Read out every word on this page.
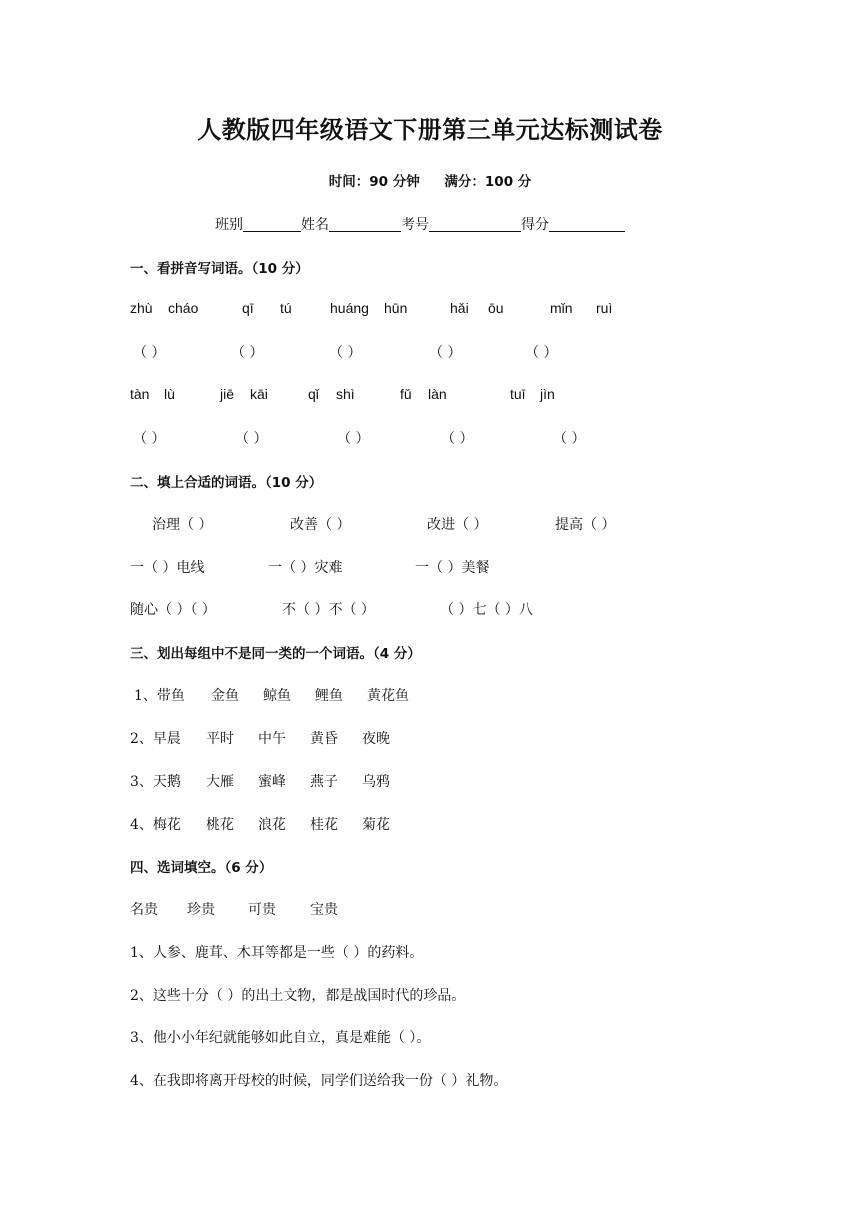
人教版四年级语文下册第三单元达标测试卷
时间：90 分钟 满分：100 分
班别	姓名	考号	得分
一、看拼音写词语。（10 分）
zhù cháo	qī tú	huáng hūn	hǎi ōu	mǐn ruì
（ ）	（ ）	（ ）	（ ）	（ ）
tàn lù	jiē kāi	qǐ shì	fǔ làn	tuī jìn
（ ）	（ ）	（ ）	（ ）	（ ）
二、填上合适的词语。（10 分）
治理（ ）	改善（ ）	改进（ ）	提高（ ）
一（ ）电线	一（ ）灾难	一（ ）美餐
随心（ ）（ ）	不（ ）不（ ）	（ ）七（ ）八
三、划出每组中不是同一类的一个词语。（4 分）
1、带鱼 金鱼 鲸鱼 鲤鱼 黄花鱼
2、早晨 平时 中午 黄昏 夜晚
3、天鹅 大雁 蜜峰 燕子 乌鸦
4、梅花 桃花 浪花 桂花 菊花
四、选词填空。（6 分）
名贵 珍贵 可贵 宝贵
1、人参、鹿茸、木耳等都是一些（ ）的药料。
2、这些十分（ ）的出土文物，都是战国时代的珍品。
3、他小小年纪就能够如此自立，真是难能（ ）。
4、在我即将离开母校的时候，同学们送给我一份（ ）礼物。
